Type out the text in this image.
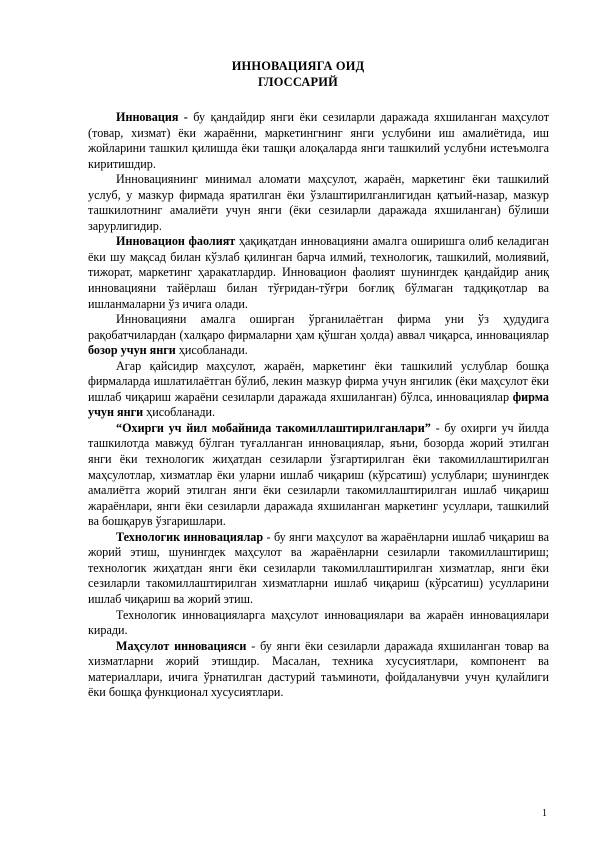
ИННОВАЦИЯГА ОИД
ГЛОССАРИЙ

Инновация - бу қандайдир янги ёки сезиларли даражада яхшиланган маҳсулот (товар, хизмат) ёки жараённи, маркетингнинг янги услубини иш амалиётида, иш жойларини ташкил қилишда ёки ташқи алоқаларда янги ташкилий услубни истеъмолга киритишдир.

Инновациянинг минимал аломати маҳсулот, жараён, маркетинг ёки ташкилий услуб, у мазкур фирмада яратилган ёки ўзлаштирилганлигидан қатъий-назар, мазкур ташкилотнинг амалиёти учун янги (ёки сезиларли даражада яхшиланган) бўлиши зарурлигидир.

Инновацион фаолият ҳақиқатдан инновацияни амалга оширишга олиб келадиган ёки шу мақсад билан кўзлаб қилинган барча илмий, технологик, ташкилий, молиявий, тижорат, маркетинг ҳаракатлардир. Инновацион фаолият шунингдек қандайдир аниқ инновацияни тайёрлаш билан тўғридан-тўғри боғлиқ бўлмаган тадқиқотлар ва ишланмаларни ўз ичига олади.

Инновацияни амалга оширган ўрганилаётган фирма уни ўз ҳудудига рақобатчилардан (халқаро фирмаларни ҳам қўшган ҳолда) аввал чиқарса, инновациялар бозор учун янги ҳисобланади.

Агар қайсидир маҳсулот, жараён, маркетинг ёки ташкилий услублар бошқа фирмаларда ишлатилаётган бўлиб, лекин мазкур фирма учун янгилик (ёки маҳсулот ёки ишлаб чиқариш жараёни сезиларли даражада яхшиланган) бўлса, инновациялар фирма учун янги ҳисобланади.

“Охирги уч йил мобайнида такомиллаштирилганлари” - бу охирги уч йилда ташкилотда мавжуд бўлган туғалланган инновациялар, яъни, бозорда жорий этилган янги ёки технологик жиҳатдан сезиларли ўзгартирилган ёки такомиллаштирилган маҳсулотлар, хизматлар ёки уларни ишлаб чиқариш (кўрсатиш) услублари; шунингдек амалиётга жорий этилган янги ёки сезиларли такомиллаштирилган ишлаб чиқариш жараёнлари, янги ёки сезиларли даражада яхшиланган маркетинг усуллари, ташкилий ва бошқарув ўзгаришлари.

Технологик инновациялар - бу янги маҳсулот ва жараёнларни ишлаб чиқариш ва жорий этиш, шунингдек маҳсулот ва жараёнларни сезиларли такомиллаштириш; технологик жиҳатдан янги ёки сезиларли такомиллаштирилган хизматлар, янги ёки сезиларли такомиллаштирилган хизматларни ишлаб чиқариш (кўрсатиш) усулларини ишлаб чиқариш ва жорий этиш.

Технологик инновацияларга маҳсулот инновациялари ва жараён инновациялари киради.

Маҳсулот инновацияси - бу янги ёки сезиларли даражада яхшиланган товар ва хизматларни жорий этишдир. Масалан, техника хусусиятлари, компонент ва материаллари, ичига ўрнатилган дастурий таъминоти, фойдаланувчи учун қулайлиги ёки бошқа функционал хусусиятлари.

1
